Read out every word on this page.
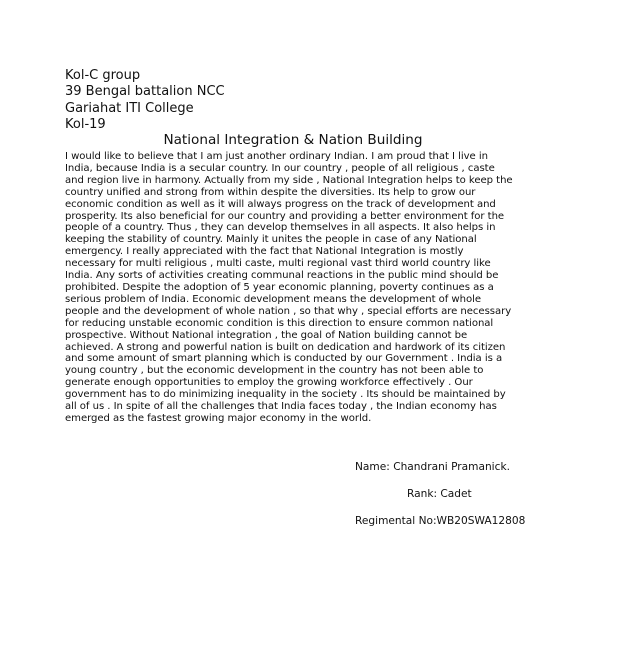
Kol-C group
39 Bengal battalion NCC
Gariahat ITI College
Kol-19
National Integration & Nation Building
I would like to believe that I am just another ordinary Indian. I am proud that I live in
India, because India is a secular country. In our country , people of all religious , caste
and region live in harmony. Actually from my side , National Integration helps to keep the
country unified and strong from within despite the diversities. Its help to grow our
economic condition as well as it will always progress on the track of development and
prosperity. Its also beneficial for our country and providing a better environment for the
people of a country. Thus , they can develop themselves in all aspects. It also helps in
keeping the stability of country. Mainly it unites the people in case of any National
emergency. I really appreciated with the fact that National Integration is mostly
necessary for multi religious , multi caste, multi regional vast third world country like
India. Any sorts of activities creating communal reactions in the public mind should be
prohibited. Despite the adoption of 5 year economic planning, poverty continues as a
serious problem of India. Economic development means the development of whole
people and the development of whole nation , so that why , special efforts are necessary
for reducing unstable economic condition is this direction to ensure common national
prospective. Without National integration , the goal of Nation building cannot be
achieved. A strong and powerful nation is built on dedication and hardwork of its citizen
and some amount of smart planning which is conducted by our Government . India is a
young country , but the economic development in the country has not been able to
generate enough opportunities to employ the growing workforce effectively . Our
government has to do minimizing inequality in the society . Its should be maintained by
all of us . In spite of all the challenges that India faces today , the Indian economy has
emerged as the fastest growing major economy in the world.
Name: Chandrani Pramanick.
Rank: Cadet
Regimental No:WB20SWA12808
